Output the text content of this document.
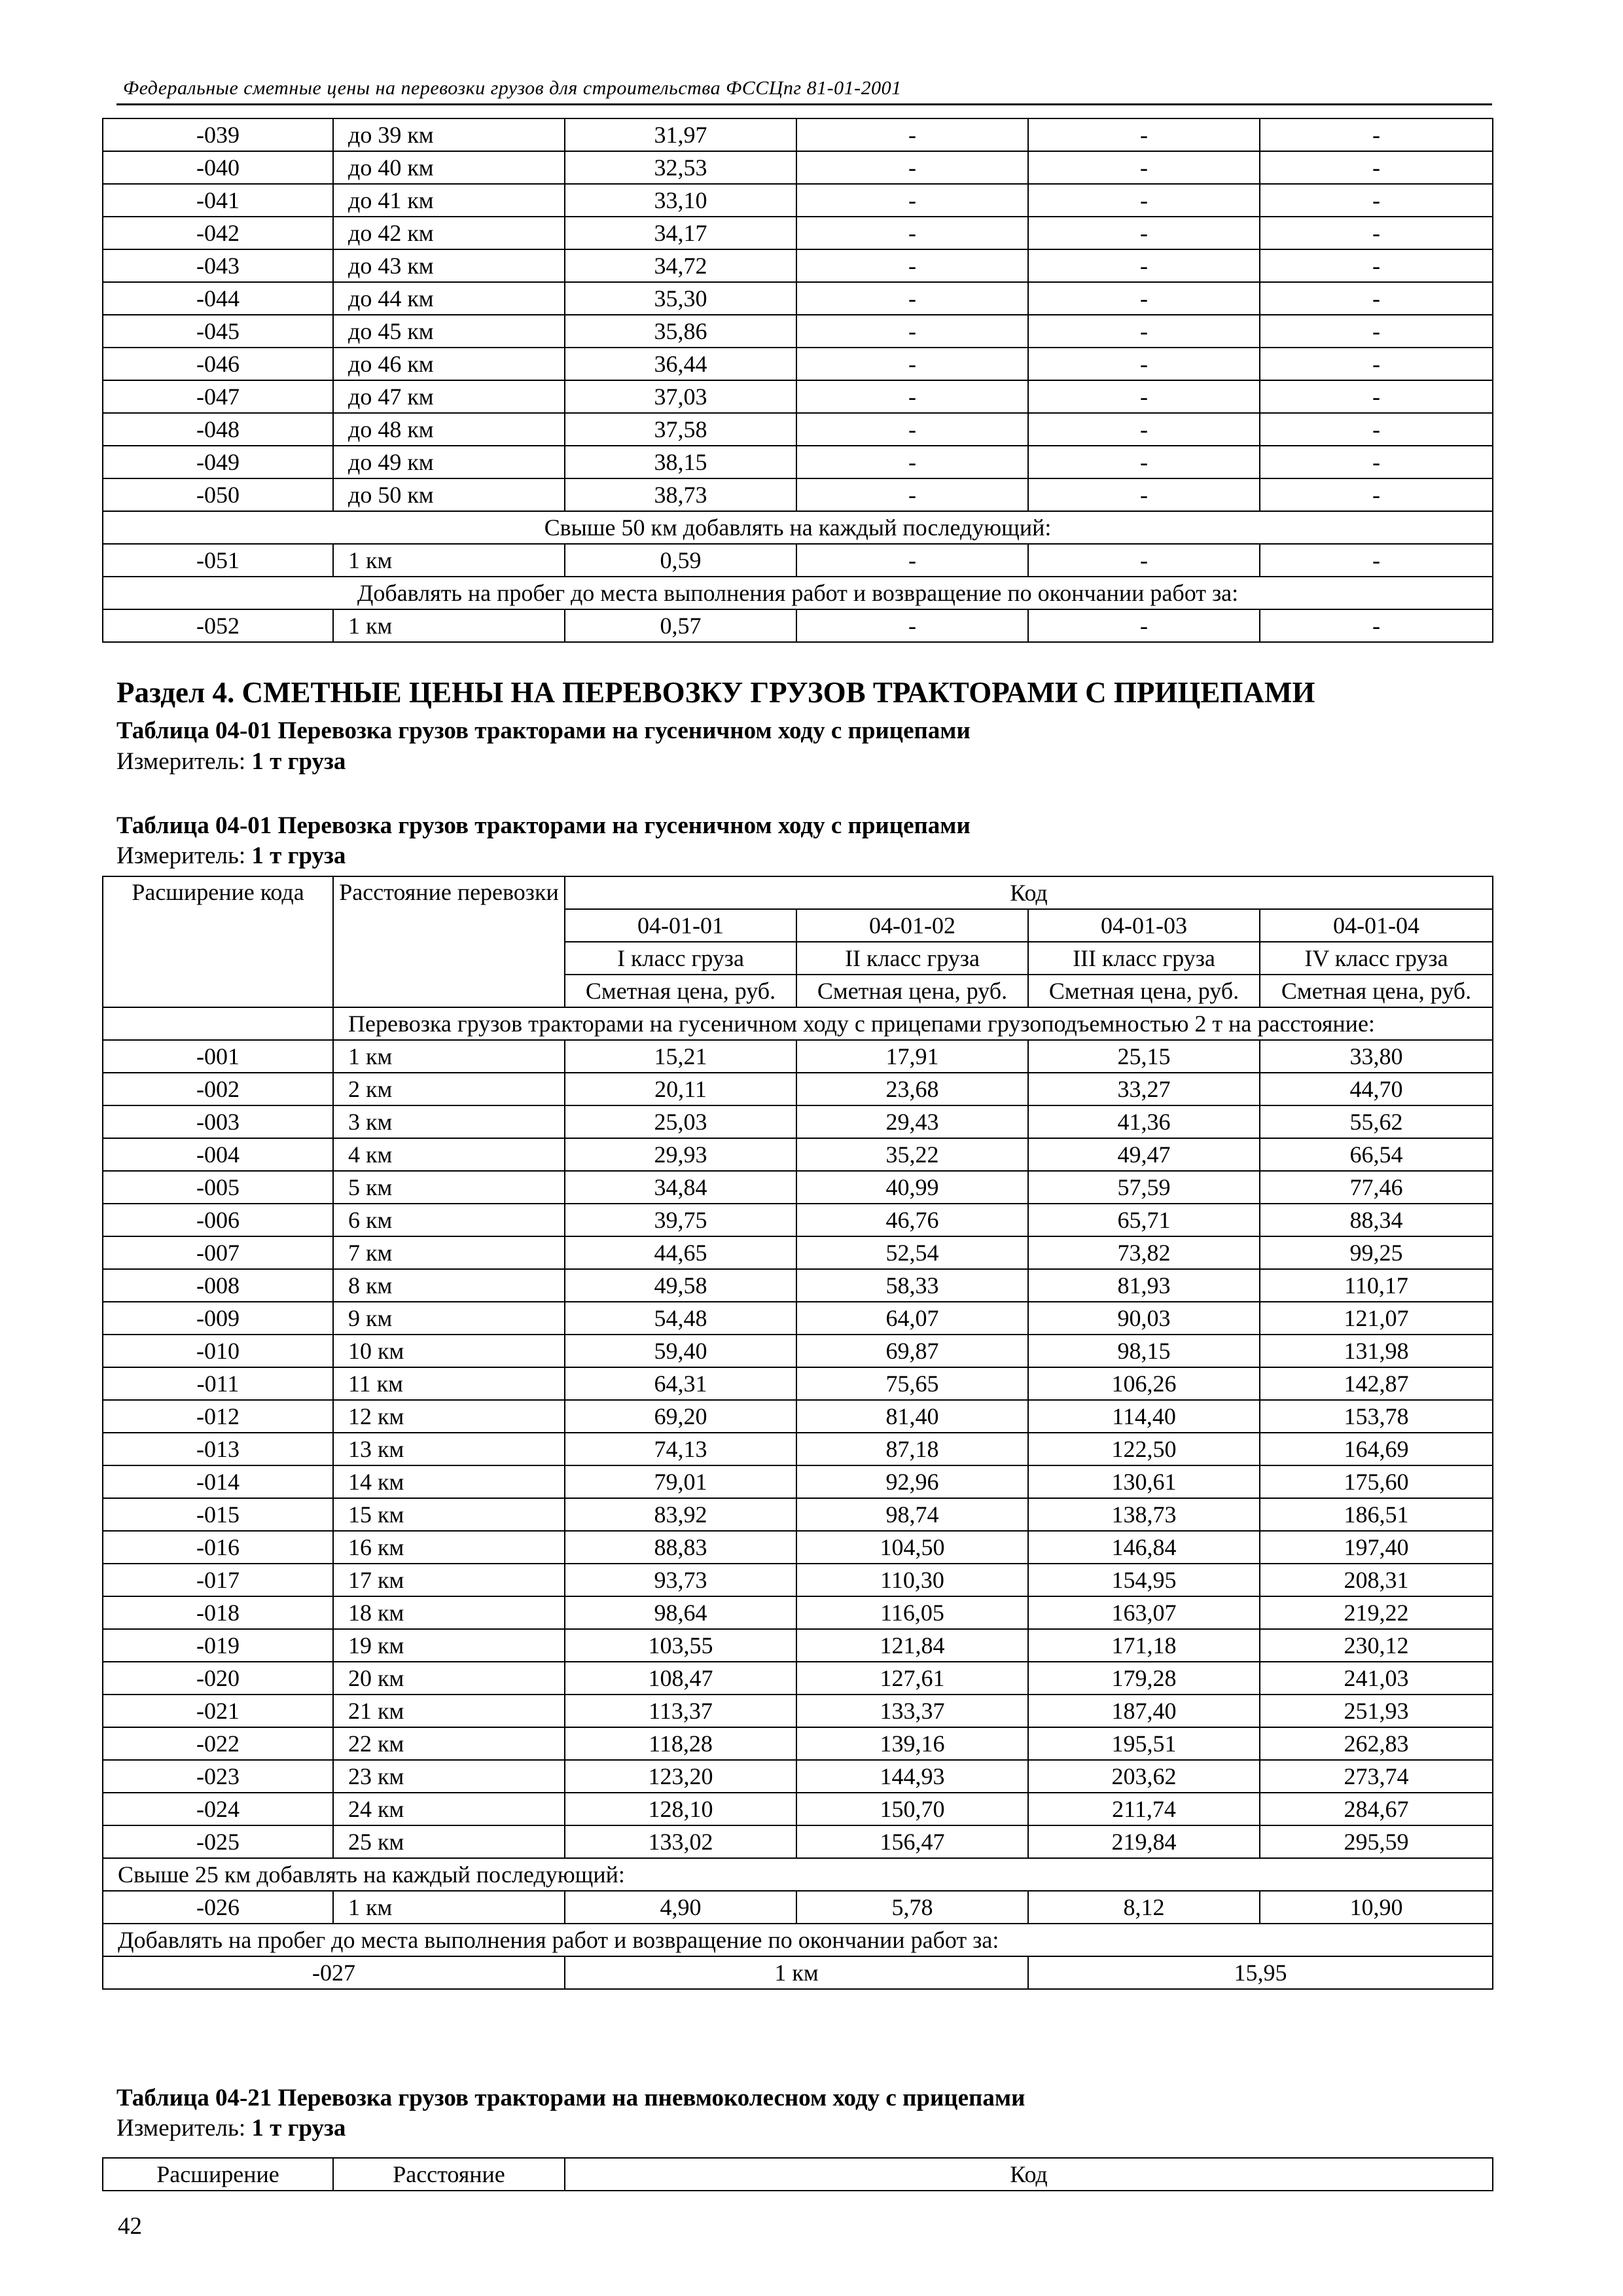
Федеральные сметные цены на перевозки грузов для строительства ФССЦпг 81-01-2001
-039	до 39 км	31,97	-	-	-
-040	до 40 км	32,53	-	-	-
-041	до 41 км	33,10	-	-	-
-042	до 42 км	34,17	-	-	-
-043	до 43 км	34,72	-	-	-
-044	до 44 км	35,30	-	-	-
-045	до 45 км	35,86	-	-	-
-046	до 46 км	36,44	-	-	-
-047	до 47 км	37,03	-	-	-
-048	до 48 км	37,58	-	-	-
-049	до 49 км	38,15	-	-	-
-050	до 50 км	38,73	-	-	-
Свыше 50 км добавлять на каждый последующий:					
-051	1 км	0,59	-	-	-
Добавлять на пробег до места выполнения работ и возвращение по окончании работ за:					
-052	1 км	0,57	-	-	-
Раздел 4. СМЕТНЫЕ ЦЕНЫ НА ПЕРЕВОЗКУ ГРУЗОВ ТРАКТОРАМИ С ПРИЦЕПАМИ
Таблица 04-01 Перевозка грузов тракторами на гусеничном ходу с прицепами
Измеритель: 1 т груза
Таблица 04-01 Перевозка грузов тракторами на гусеничном ходу с прицепами
Измеритель: 1 т груза
Расширение кода	Расстояние перевозки	Код			
		04-01-01	04-01-02	04-01-03	04-01-04
		I класс груза	II класс груза	III класс груза	IV класс груза
		Сметная цена, руб.	Сметная цена, руб.	Сметная цена, руб.	Сметная цена, руб.
	Перевозка грузов тракторами на гусеничном ходу с прицепами грузоподъемностью 2 т на расстояние:				
-001	1 км	15,21	17,91	25,15	33,80
-002	2 км	20,11	23,68	33,27	44,70
-003	3 км	25,03	29,43	41,36	55,62
-004	4 км	29,93	35,22	49,47	66,54
-005	5 км	34,84	40,99	57,59	77,46
-006	6 км	39,75	46,76	65,71	88,34
-007	7 км	44,65	52,54	73,82	99,25
-008	8 км	49,58	58,33	81,93	110,17
-009	9 км	54,48	64,07	90,03	121,07
-010	10 км	59,40	69,87	98,15	131,98
-011	11 км	64,31	75,65	106,26	142,87
-012	12 км	69,20	81,40	114,40	153,78
-013	13 км	74,13	87,18	122,50	164,69
-014	14 км	79,01	92,96	130,61	175,60
-015	15 км	83,92	98,74	138,73	186,51
-016	16 км	88,83	104,50	146,84	197,40
-017	17 км	93,73	110,30	154,95	208,31
-018	18 км	98,64	116,05	163,07	219,22
-019	19 км	103,55	121,84	171,18	230,12
-020	20 км	108,47	127,61	179,28	241,03
-021	21 км	113,37	133,37	187,40	251,93
-022	22 км	118,28	139,16	195,51	262,83
-023	23 км	123,20	144,93	203,62	273,74
-024	24 км	128,10	150,70	211,74	284,67
-025	25 км	133,02	156,47	219,84	295,59
Свыше 25 км добавлять на каждый последующий:					
-026	1 км	4,90	5,78	8,12	10,90
Добавлять на пробег до места выполнения работ и возвращение по окончании работ за:					
-027		1 км		15,95	
Таблица 04-21 Перевозка грузов тракторами на пневмоколесном ходу с прицепами
Измеритель: 1 т груза
Расширение	Расстояние	Код
42
